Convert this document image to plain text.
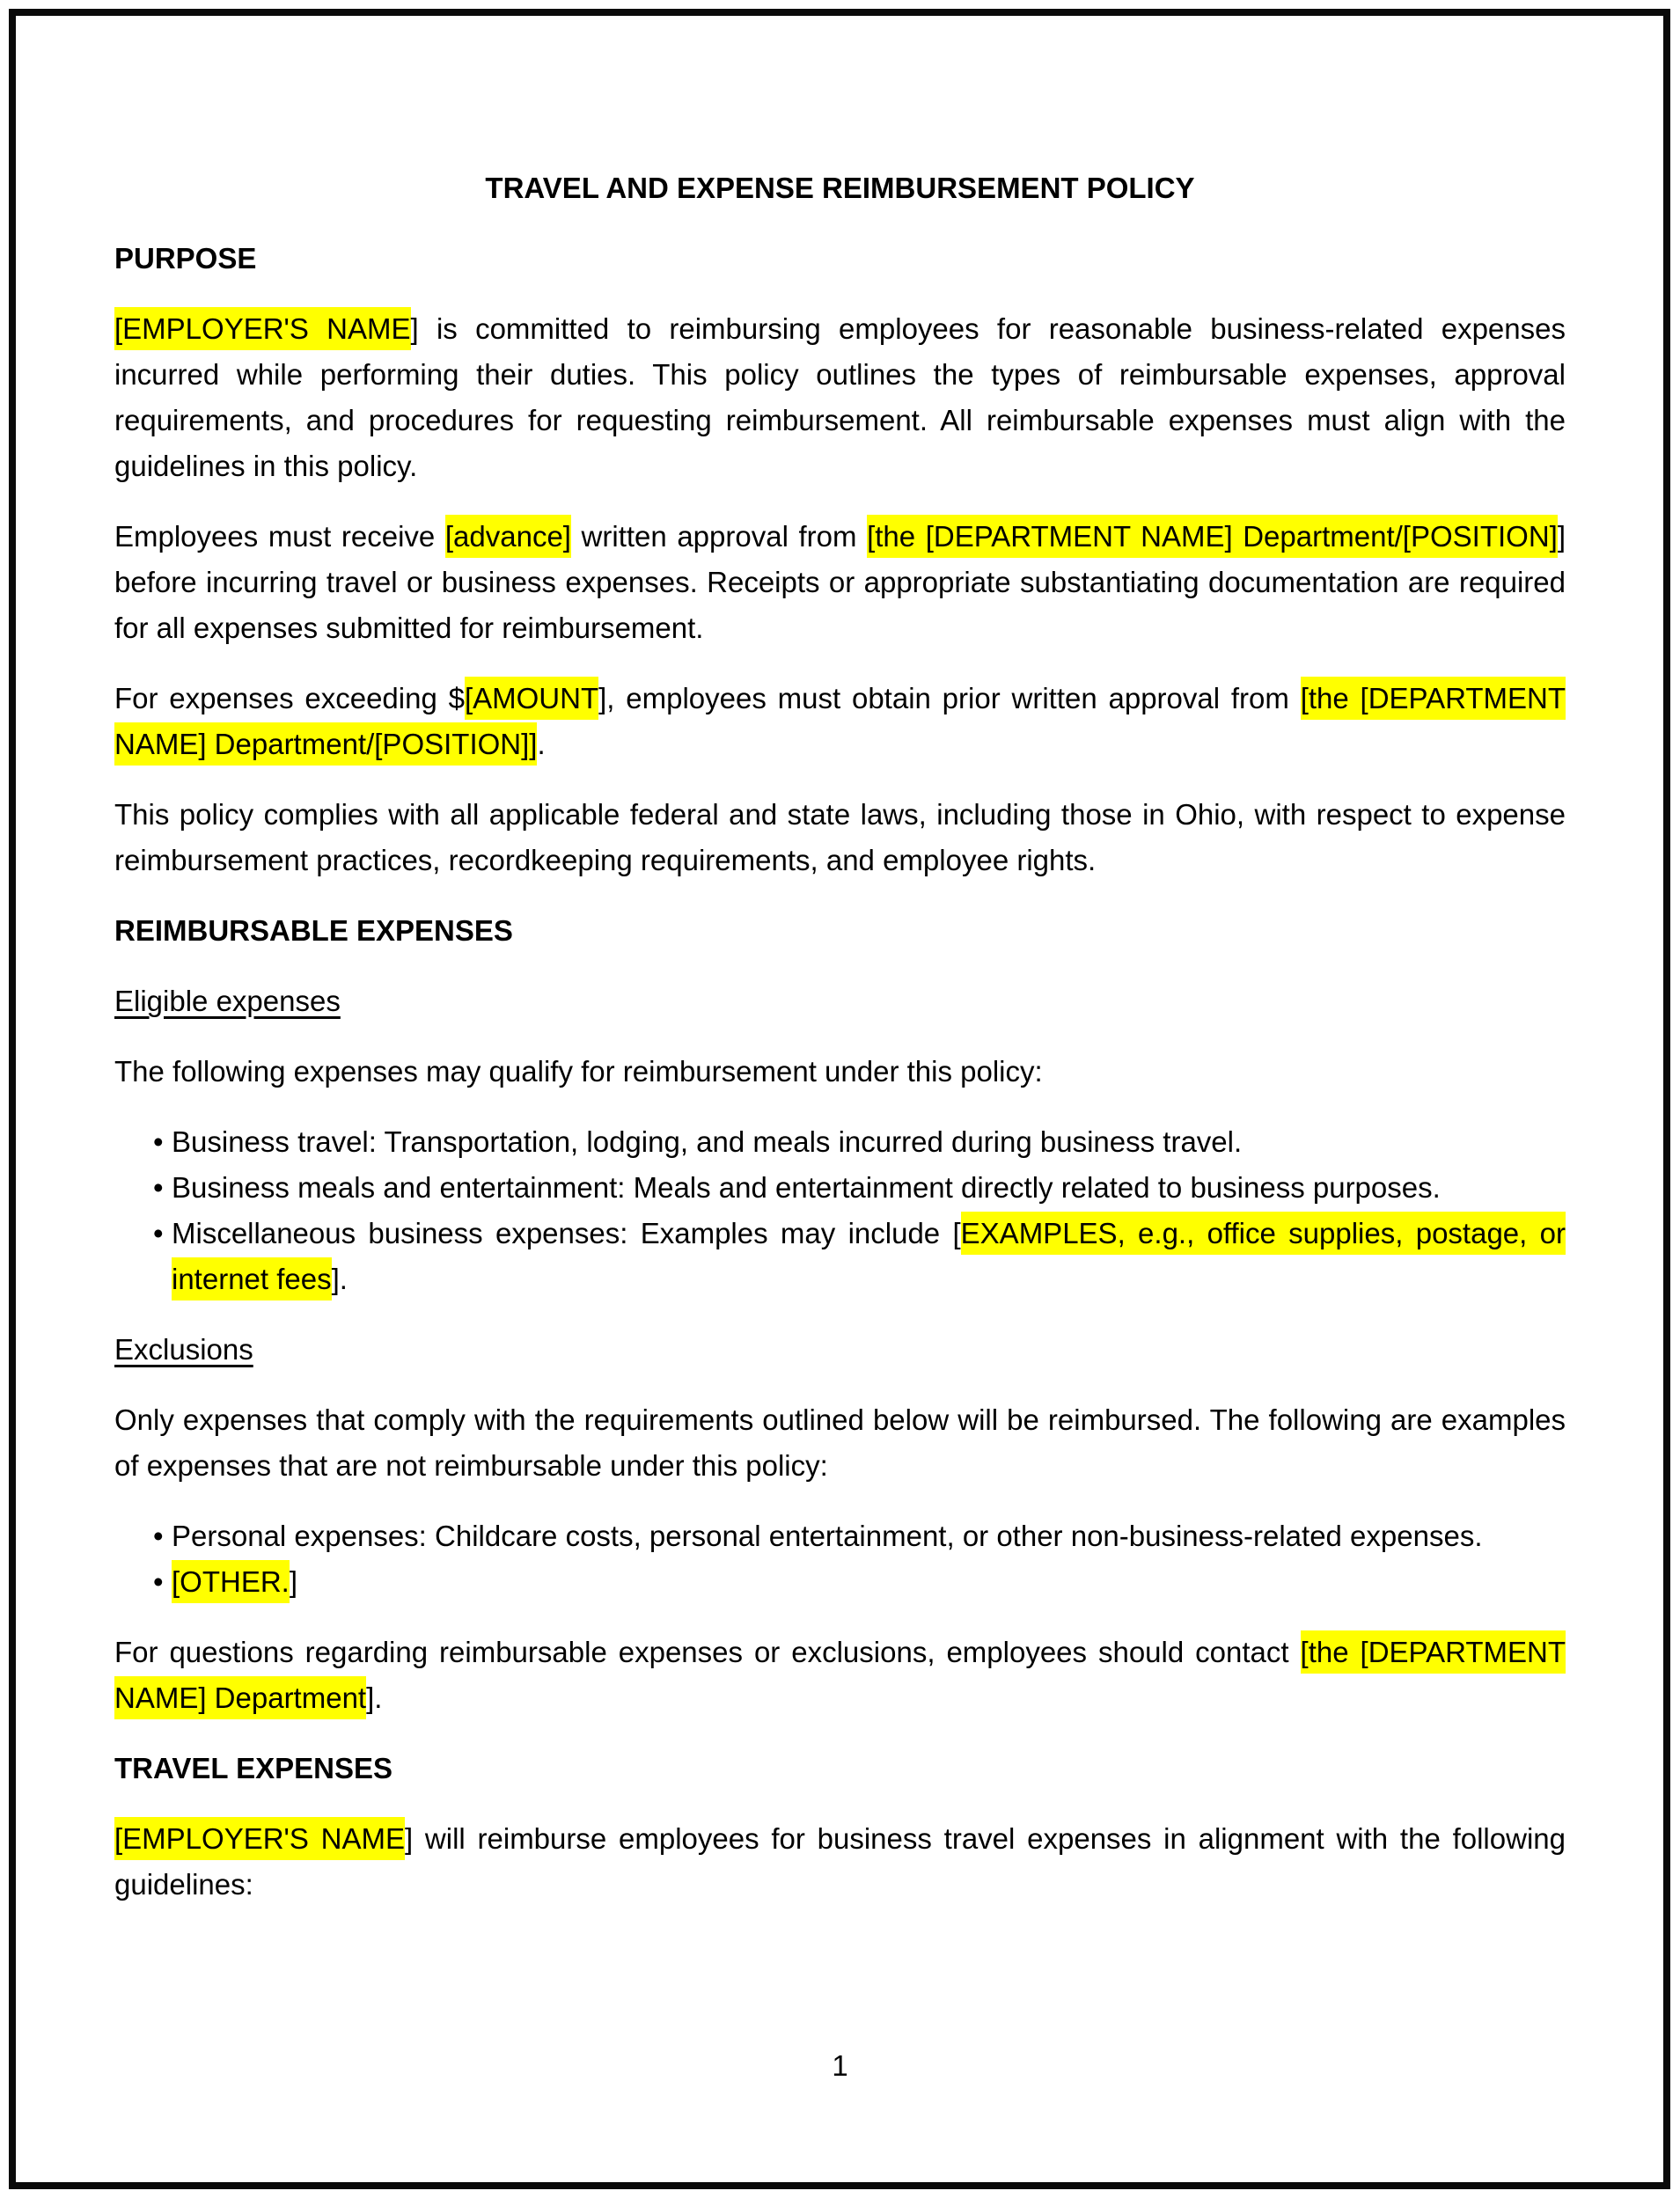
TRAVEL AND EXPENSE REIMBURSEMENT POLICY

PURPOSE

[EMPLOYER'S NAME] is committed to reimbursing employees for reasonable business-related expenses incurred while performing their duties. This policy outlines the types of reimbursable expenses, approval requirements, and procedures for requesting reimbursement. All reimbursable expenses must align with the guidelines in this policy.

Employees must receive [advance] written approval from [the [DEPARTMENT NAME] Department/[POSITION]] before incurring travel or business expenses. Receipts or appropriate substantiating documentation are required for all expenses submitted for reimbursement.

For expenses exceeding $[AMOUNT], employees must obtain prior written approval from [the [DEPARTMENT NAME] Department/[POSITION]].

This policy complies with all applicable federal and state laws, including those in Ohio, with respect to expense reimbursement practices, recordkeeping requirements, and employee rights.

REIMBURSABLE EXPENSES

Eligible expenses

The following expenses may qualify for reimbursement under this policy:

• Business travel: Transportation, lodging, and meals incurred during business travel.
• Business meals and entertainment: Meals and entertainment directly related to business purposes.
• Miscellaneous business expenses: Examples may include [EXAMPLES, e.g., office supplies, postage, or internet fees].

Exclusions

Only expenses that comply with the requirements outlined below will be reimbursed. The following are examples of expenses that are not reimbursable under this policy:

• Personal expenses: Childcare costs, personal entertainment, or other non-business-related expenses.
• [OTHER.]

For questions regarding reimbursable expenses or exclusions, employees should contact [the [DEPARTMENT NAME] Department].

TRAVEL EXPENSES

[EMPLOYER'S NAME] will reimburse employees for business travel expenses in alignment with the following guidelines:

1
